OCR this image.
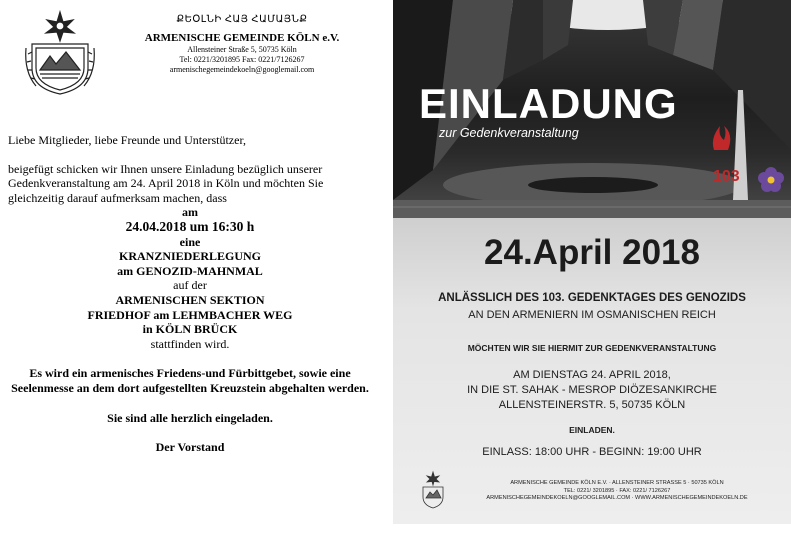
ՔԵՕԼՆԻ ՀԱՅ ՀԱՄԱՅՆՔ
ARMENISCHE GEMEINDE KÖLN e.V.
Allensteiner Straße 5, 50735 Köln
Tel: 0221/3201895 Fax: 0221/7126267
armenischegemeindekoeln@googlemail.com

Liebe Mitglieder, liebe Freunde und Unterstützer,

beigefügt schicken wir Ihnen unsere Einladung bezüglich unserer Gedenkveranstaltung am 24. April 2018 in Köln und möchten Sie gleichzeitig darauf aufmerksam machen, dass

am

24.04.2018 um 16:30 h

eine

KRANZNIEDERLEGUNG

am GENOZID-MAHNMAL

auf der

ARMENISCHEN SEKTION

FRIEDHOF am LEHMBACHER WEG

in KÖLN BRÜCK

stattfinden wird.

Es wird ein armenisches Friedens-und Fürbittgebet, sowie eine Seelenmesse an dem dort aufgestellten Kreuzstein abgehalten werden.

Sie sind alle herzlich eingeladen.

Der Vorstand

EINLADUNG
zur Gedenkveranstaltung
103
24.April 2018
ANLÄSSLICH DES 103. GEDENKTAGES DES GENOZIDS
AN DEN ARMENIERN IM OSMANISCHEN REICH
MÖCHTEN WIR SIE HIERMIT ZUR GEDENKVERANSTALTUNG
AM DIENSTAG 24. APRIL 2018,
IN DIE ST. SAHAK - MESROP DIÖZESANKIRCHE
ALLENSTEINERSTR. 5, 50735 KÖLN
EINLADEN.
EINLASS: 18:00 UHR - BEGINN: 19:00 UHR
ARMENISCHE GEMEINDE KÖLN E.V. · ALLENSTEINER STRASSE 5 · 50735 KÖLN
TEL: 0221/ 3201895 · FAX: 0221/ 7126267
ARMENISCHEGEMEINDEKOELN@GOOGLEMAIL.COM · WWW.ARMENISCHEGEMEINDEKOELN.DE
